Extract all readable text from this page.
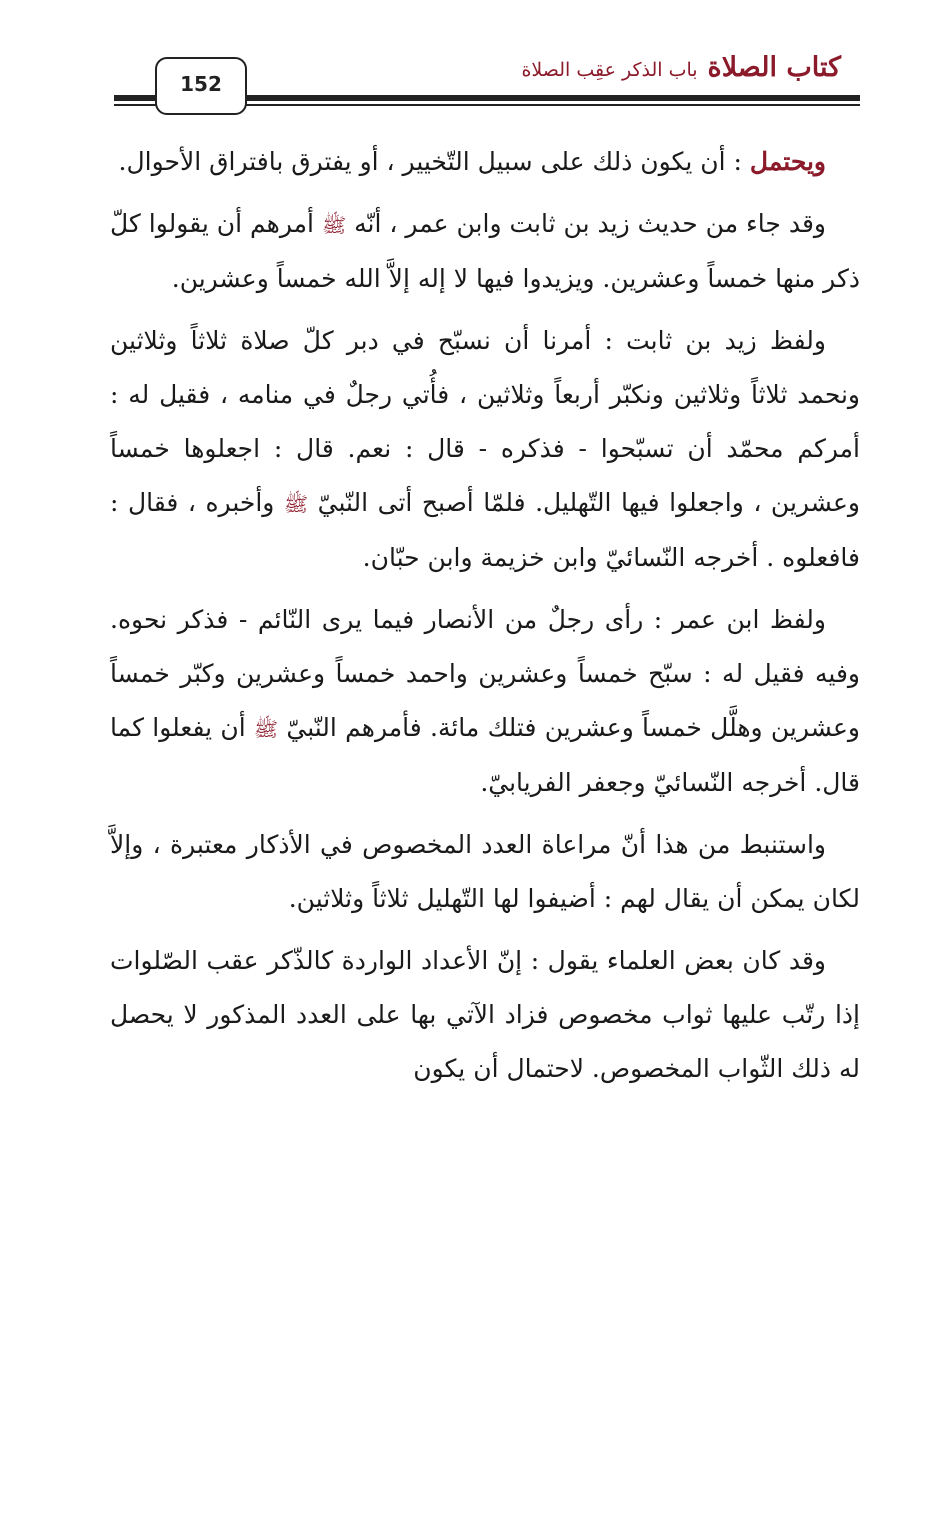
152
كتاب الصلاة
باب الذكر عقِب الصلاة

ويحتمل : أن يكون ذلك على سبيل التّخيير ، أو يفترق بافتراق الأحوال.

وقد جاء من حديث زيد بن ثابت وابن عمر ، أنّه ﷺ أمرهم أن يقولوا كلّ ذكر منها خمساً وعشرين. ويزيدوا فيها لا إله إلاَّ الله خمساً وعشرين.

ولفظ زيد بن ثابت : أمرنا أن نسبّح في دبر كلّ صلاة ثلاثاً وثلاثين ونحمد ثلاثاً وثلاثين ونكبّر أربعاً وثلاثين ، فأُتي رجلٌ في منامه ، فقيل له : أمركم محمّد أن تسبّحوا - فذكره - قال : نعم. قال : اجعلوها خمساً وعشرين ، واجعلوا فيها التّهليل. فلمّا أصبح أتى النّبيّ ﷺ وأخبره ، فقال : فافعلوه . أخرجه النّسائيّ وابن خزيمة وابن حبّان.

ولفظ ابن عمر : رأى رجلٌ من الأنصار فيما يرى النّائم - فذكر نحوه. وفيه فقيل له : سبّح خمساً وعشرين واحمد خمساً وعشرين وكبّر خمساً وعشرين وهلَّل خمساً وعشرين فتلك مائة. فأمرهم النّبيّ ﷺ أن يفعلوا كما قال. أخرجه النّسائيّ وجعفر الفريابيّ.

واستنبط من هذا أنّ مراعاة العدد المخصوص في الأذكار معتبرة ، وإلاَّ لكان يمكن أن يقال لهم : أضيفوا لها التّهليل ثلاثاً وثلاثين.

وقد كان بعض العلماء يقول : إنّ الأعداد الواردة كالذّكر عقب الصّلوات إذا رتّب عليها ثواب مخصوص فزاد الآتي بها على العدد المذكور لا يحصل له ذلك الثّواب المخصوص. لاحتمال أن يكون
